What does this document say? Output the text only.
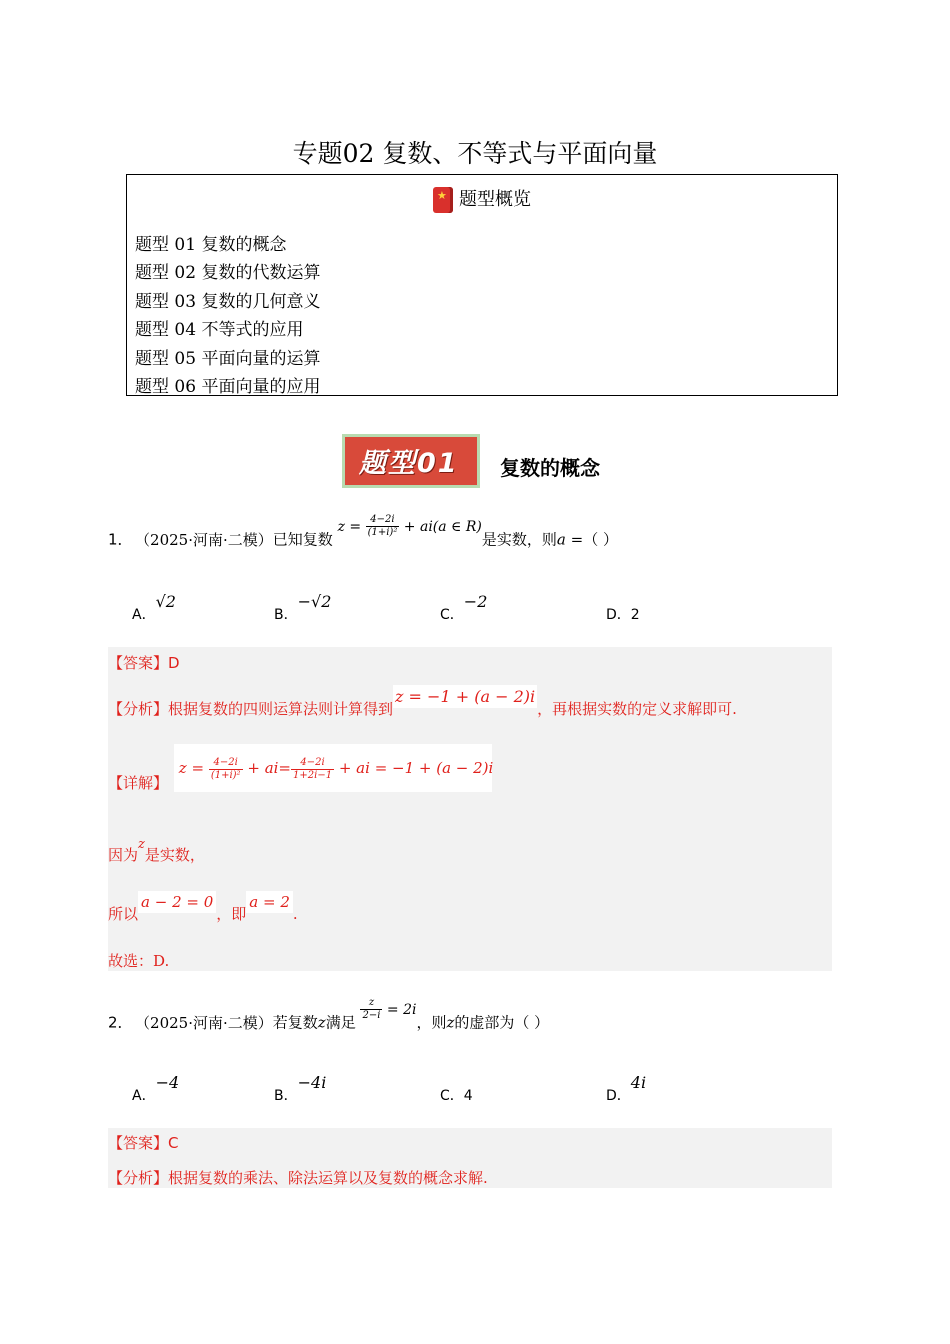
专题02 复数、不等式与平面向量
★题型概览
题型 01 复数的概念
题型 02 复数的代数运算
题型 03 复数的几何意义
题型 04 不等式的应用
题型 05 平面向量的运算
题型 06 平面向量的应用
题型01 复数的概念
1． （2025·河南·二模）已知复数 $z = \frac{4-2i}{\text{(1+i)²}} + ai(a$ ∈ R)是实数，则a =（ ）
A．√2
B．−√2
C．−2
D．2
【答案】D
【分析】根据复数的四则运算法则计算得到z = −1 + (a − 2)i，再根据实数的定义求解即可.
【详解】
$z = \frac{4-2i}{\text{(1+i)²}} + ai= \frac{4-2i}{1+2i-1}$ + ai = −1 + (a − 2)i
因为z是实数，
所以a − 2 = 0，即a = 2.
故选：D.
2． （2025·河南·二模）若复数z满足
$\frac{z}{2-i} = 2i$，则z的虚部为（ ）
A．−4
B．−4i
C．4	D．4i
【答案】C
【分析】根据复数的乘法、除法运算以及复数的概念求解.
